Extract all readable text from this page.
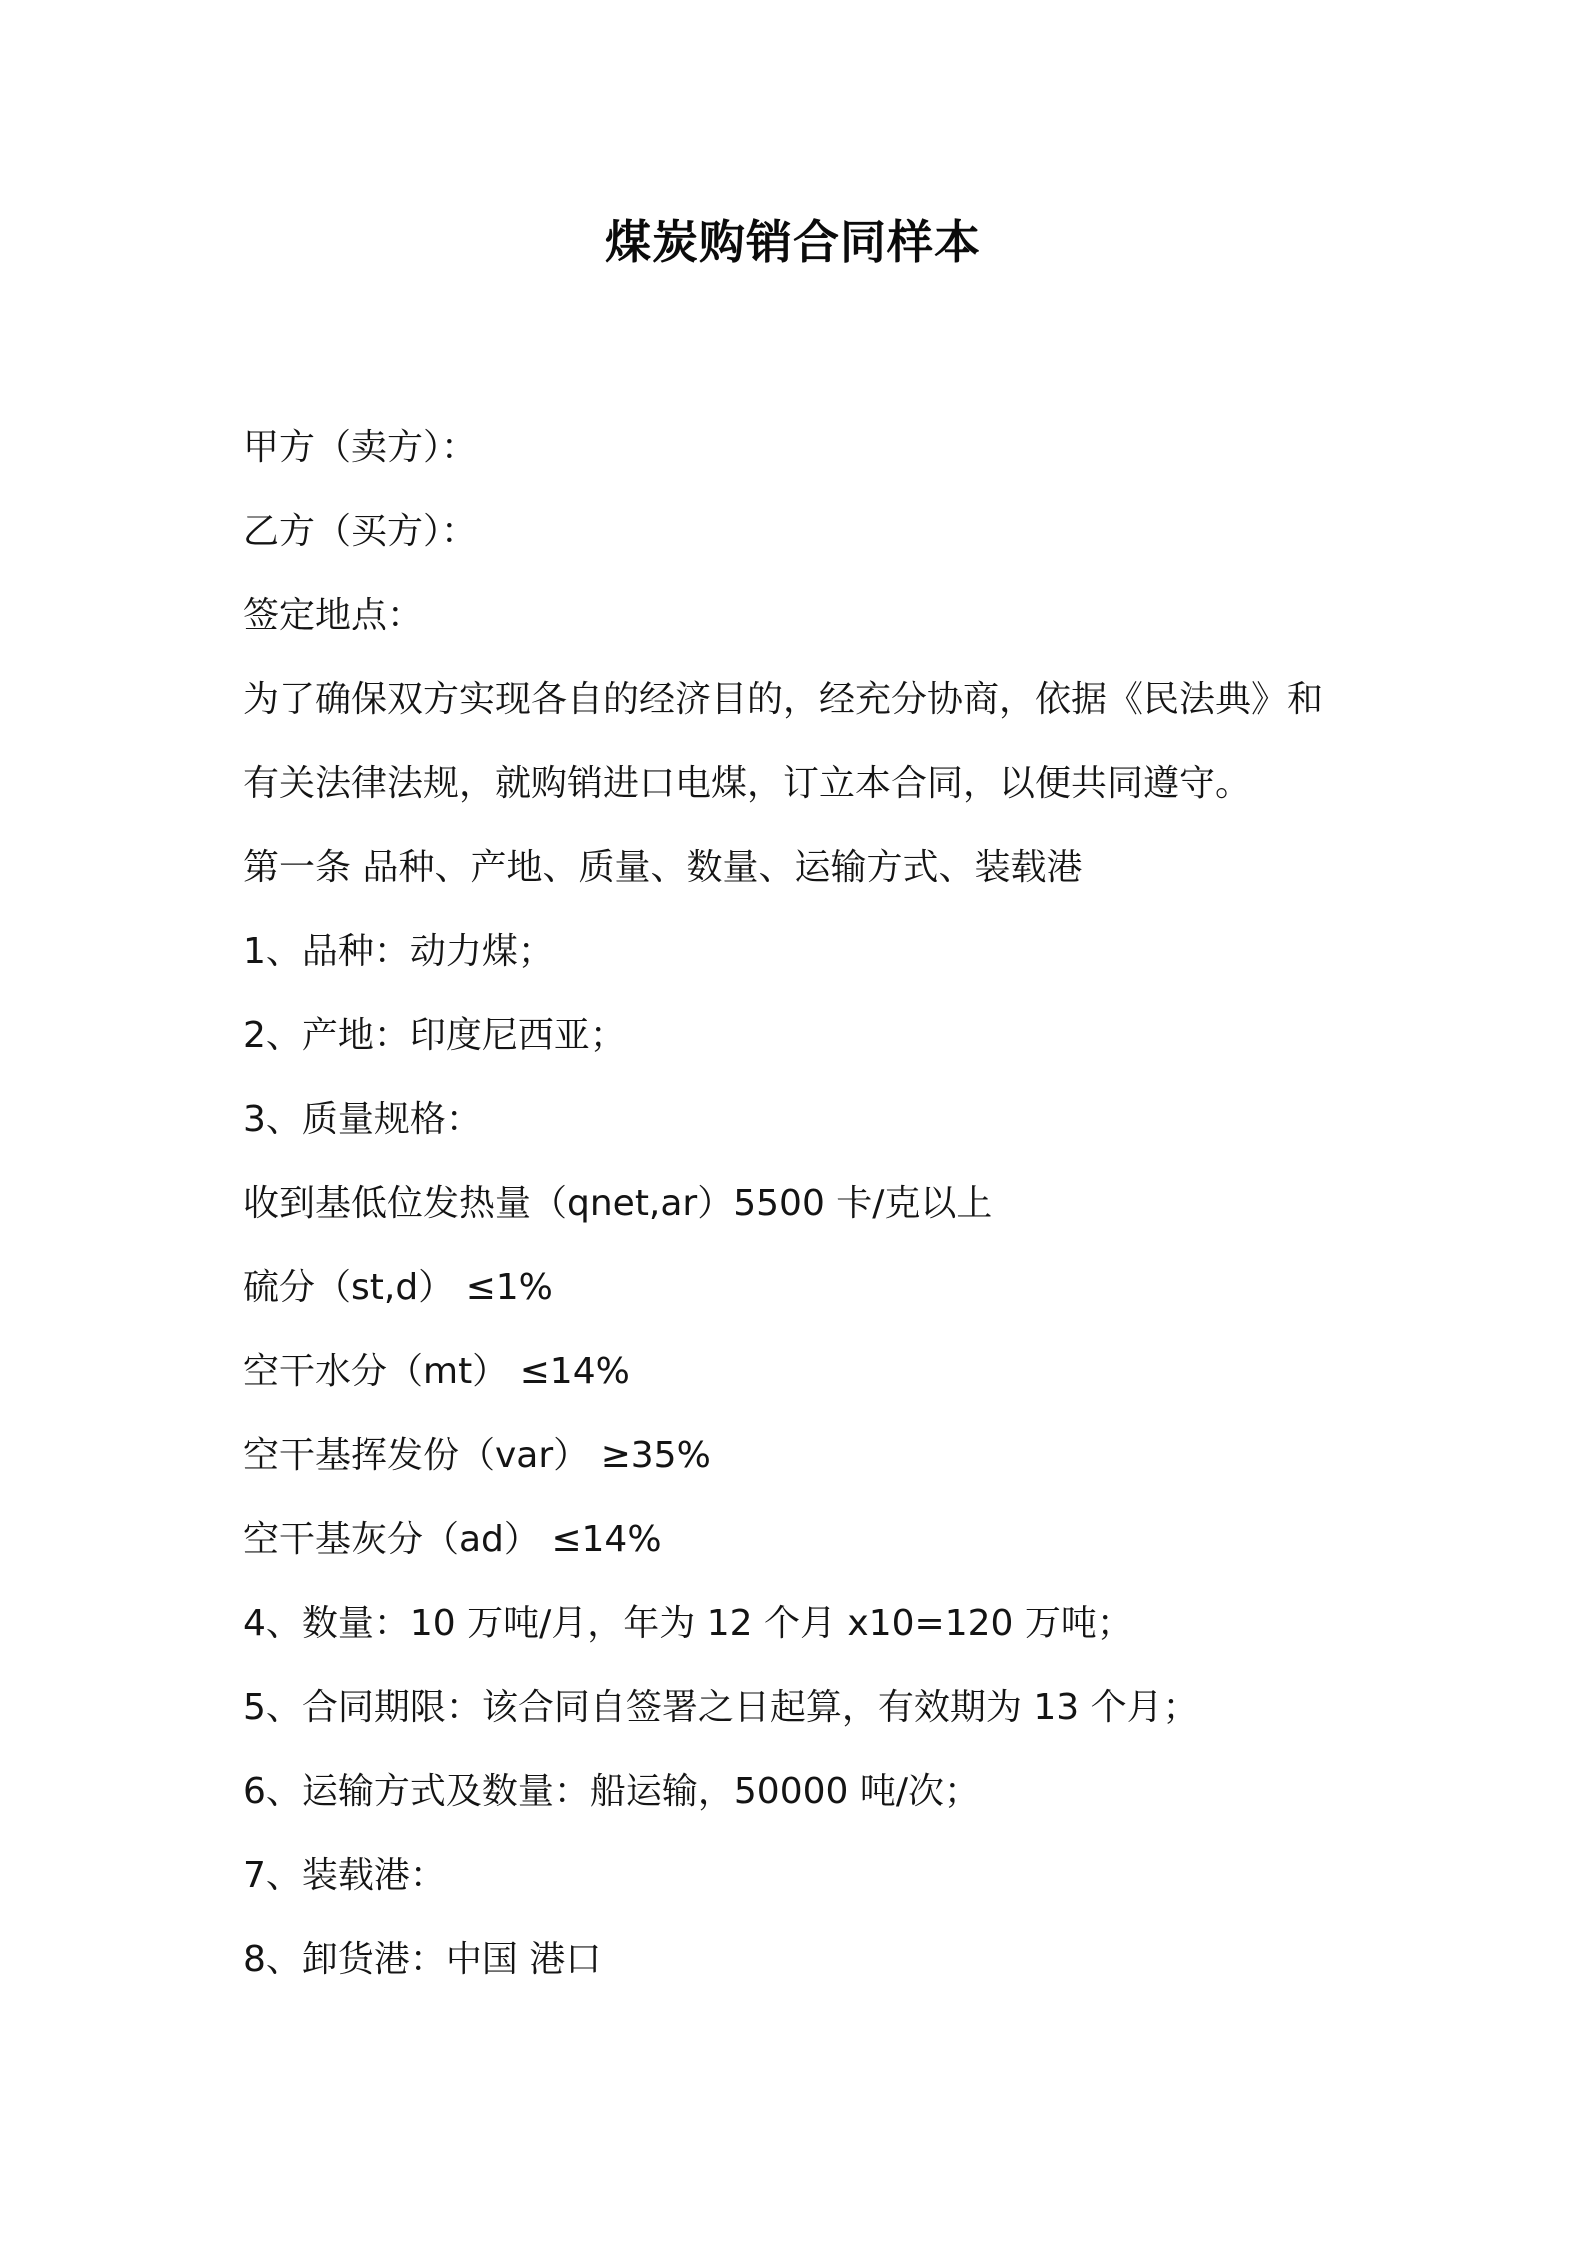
煤炭购销合同样本
甲方（卖方）：
乙方（买方）：
签定地点：
为了确保双方实现各自的经济目的，经充分协商，依据《民法典》和
有关法律法规，就购销进口电煤，订立本合同，以便共同遵守。
第一条 品种、产地、质量、数量、运输方式、装载港
1、品种：动力煤；
2、产地：印度尼西亚；
3、质量规格：
收到基低位发热量（qnet,ar）5500 卡/克以上
硫分（st,d） ≤1%
空干水分（mt） ≤14%
空干基挥发份（var） ≥35%
空干基灰分（ad） ≤14%
4、数量：10 万吨/月，年为 12 个月 x10=120 万吨；
5、合同期限：该合同自签署之日起算，有效期为 13 个月；
6、运输方式及数量：船运输，50000 吨/次；
7、装载港：
8、卸货港：中国 港口
